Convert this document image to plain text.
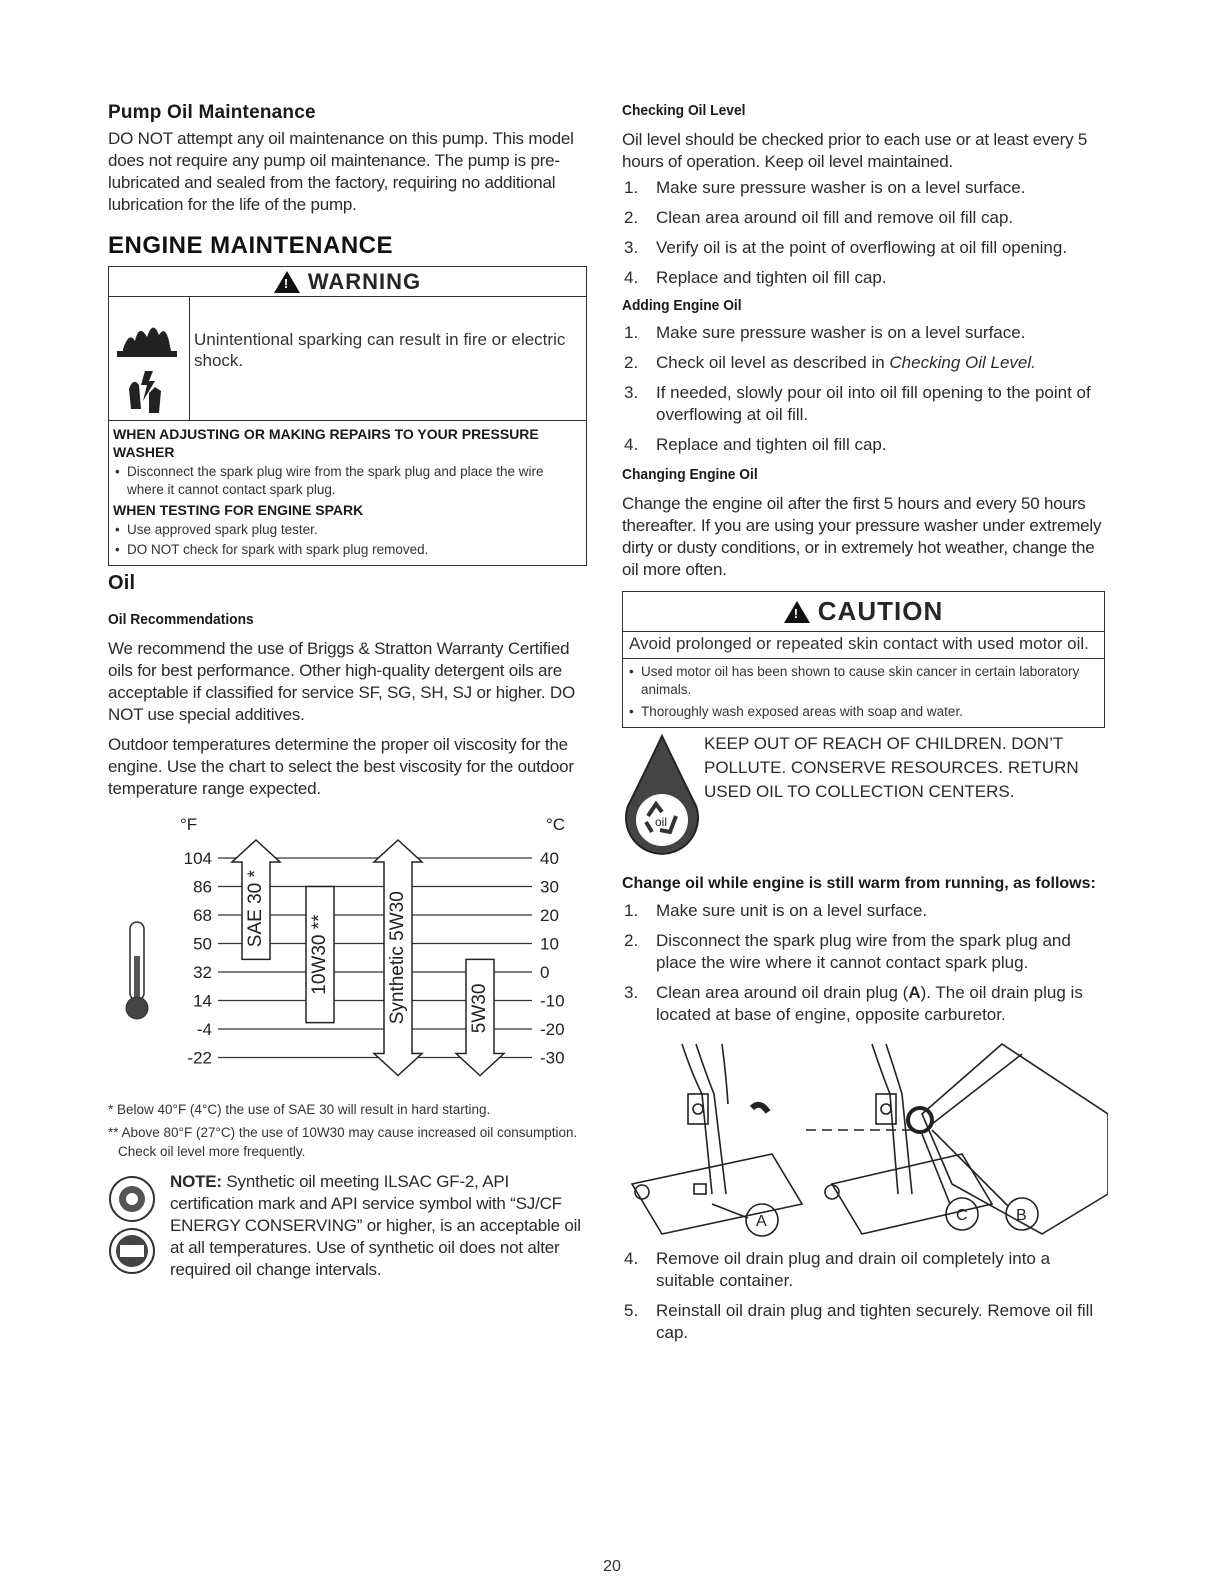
Pump Oil Maintenance

DO NOT attempt any oil maintenance on this pump. This model does not require any pump oil maintenance. The pump is pre-lubricated and sealed from the factory, requiring no additional lubrication for the life of the pump.

ENGINE MAINTENANCE
! WARNING
Unintentional sparking can result in fire or electric shock.
WHEN ADJUSTING OR MAKING REPAIRS TO YOUR PRESSURE WASHER
• Disconnect the spark plug wire from the spark plug and place the wire where it cannot contact spark plug.
WHEN TESTING FOR ENGINE SPARK
• Use approved spark plug tester.
• DO NOT check for spark with spark plug removed.
Oil
Oil Recommendations

We recommend the use of Briggs & Stratton Warranty Certified oils for best performance. Other high-quality detergent oils are acceptable if classified for service SF, SG, SH, SJ or higher. DO NOT use special additives.

Outdoor temperatures determine the proper oil viscosity for the engine. Use the chart to select the best viscosity for the outdoor temperature range expected.

°F	°C
104	40
86	30
68	20
50	10
32	0
14	-10
-4	-20
-22	-30
SAE 30 *
10W30 **	Synthetic 5W30	5W30
* Below 40°F (4°C) the use of SAE 30 will result in hard starting.
** Above 80°F (27°C) the use of 10W30 may cause increased oil consumption. Check oil level more frequently.

NOTE: Synthetic oil meeting ILSAC GF-2, API certification mark and API service symbol with “SJ/CF ENERGY CONSERVING” or higher, is an acceptable oil at all temperatures. Use of synthetic oil does not alter required oil change intervals.

Checking Oil Level

Oil level should be checked prior to each use or at least every 5 hours of operation. Keep oil level maintained.

1. Make sure pressure washer is on a level surface.
2. Clean area around oil fill and remove oil fill cap.
3. Verify oil is at the point of overflowing at oil fill opening.
4. Replace and tighten oil fill cap.
Adding Engine Oil
1. Make sure pressure washer is on a level surface.
2. Check oil level as described in Checking Oil Level.
3. If needed, slowly pour oil into oil fill opening to the point of overflowing at oil fill.
4. Replace and tighten oil fill cap.
Changing Engine Oil

Change the engine oil after the first 5 hours and every 50 hours thereafter. If you are using your pressure washer under extremely dirty or dusty conditions, or in extremely hot weather, change the oil more often.

! CAUTION
Avoid prolonged or repeated skin contact with used motor oil.
• Used motor oil has been shown to cause skin cancer in certain laboratory animals.
• Thoroughly wash exposed areas with soap and water.
oil

KEEP OUT OF REACH OF CHILDREN. DON’T POLLUTE. CONSERVE RESOURCES. RETURN USED OIL TO COLLECTION CENTERS.

Change oil while engine is still warm from running, as follows:
1. Make sure unit is on a level surface.
2. Disconnect the spark plug wire from the spark plug and place the wire where it cannot contact spark plug.
3. Clean area around oil drain plug (A). The oil drain plug is located at base of engine, opposite carburetor.
A	C	B
4. Remove oil drain plug and drain oil completely into a suitable container.
5. Reinstall oil drain plug and tighten securely. Remove oil fill cap.
20
